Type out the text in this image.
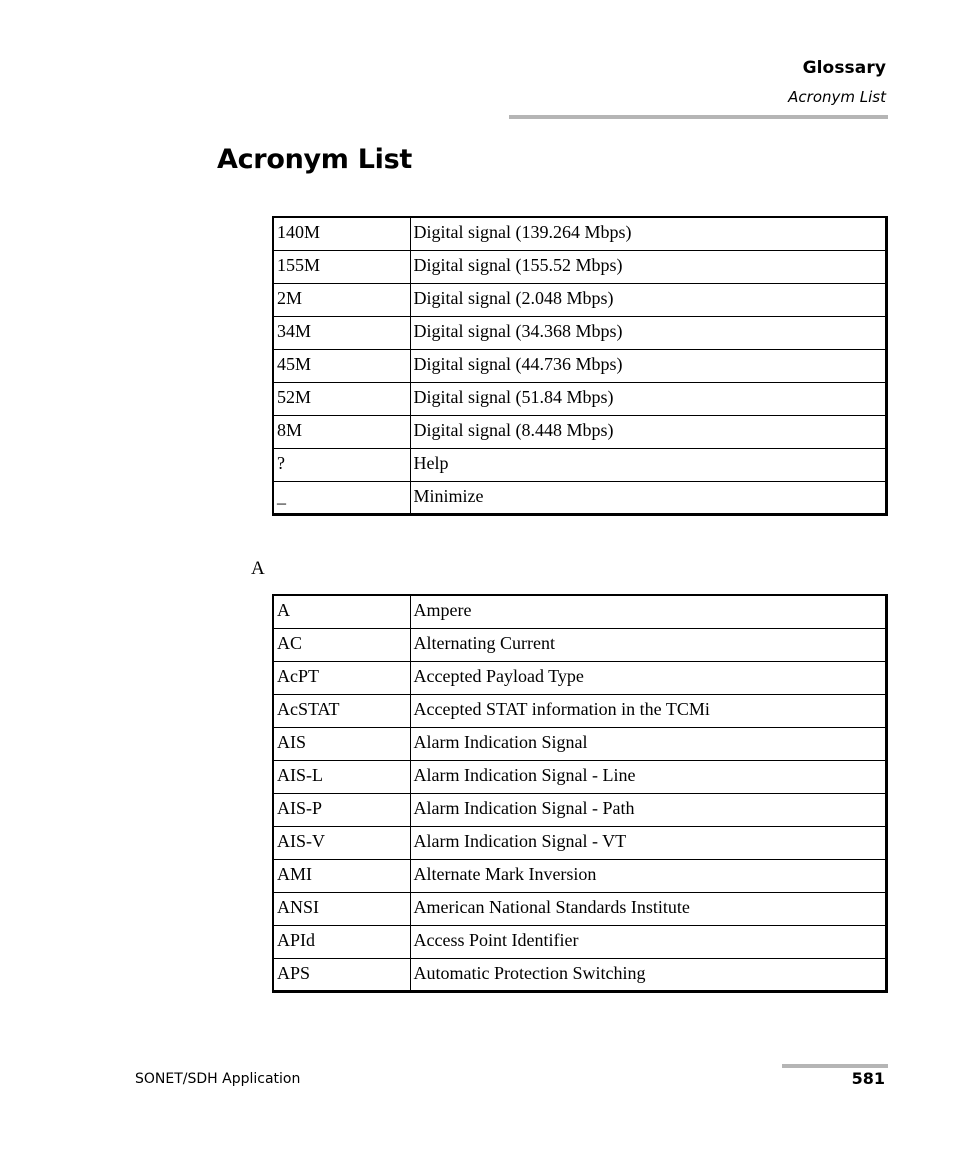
Glossary
Acronym List
Acronym List
140M	Digital signal (139.264 Mbps)
155M	Digital signal (155.52 Mbps)
2M	Digital signal (2.048 Mbps)
34M	Digital signal (34.368 Mbps)
45M	Digital signal (44.736 Mbps)
52M	Digital signal (51.84 Mbps)
8M	Digital signal (8.448 Mbps)
?	Help
_	Minimize
A
A	Ampere
AC	Alternating Current
AcPT	Accepted Payload Type
AcSTAT	Accepted STAT information in the TCMi
AIS	Alarm Indication Signal
AIS-L	Alarm Indication Signal - Line
AIS-P	Alarm Indication Signal - Path
AIS-V	Alarm Indication Signal - VT
AMI	Alternate Mark Inversion
ANSI	American National Standards Institute
APId	Access Point Identifier
APS	Automatic Protection Switching
SONET/SDH Application	581
